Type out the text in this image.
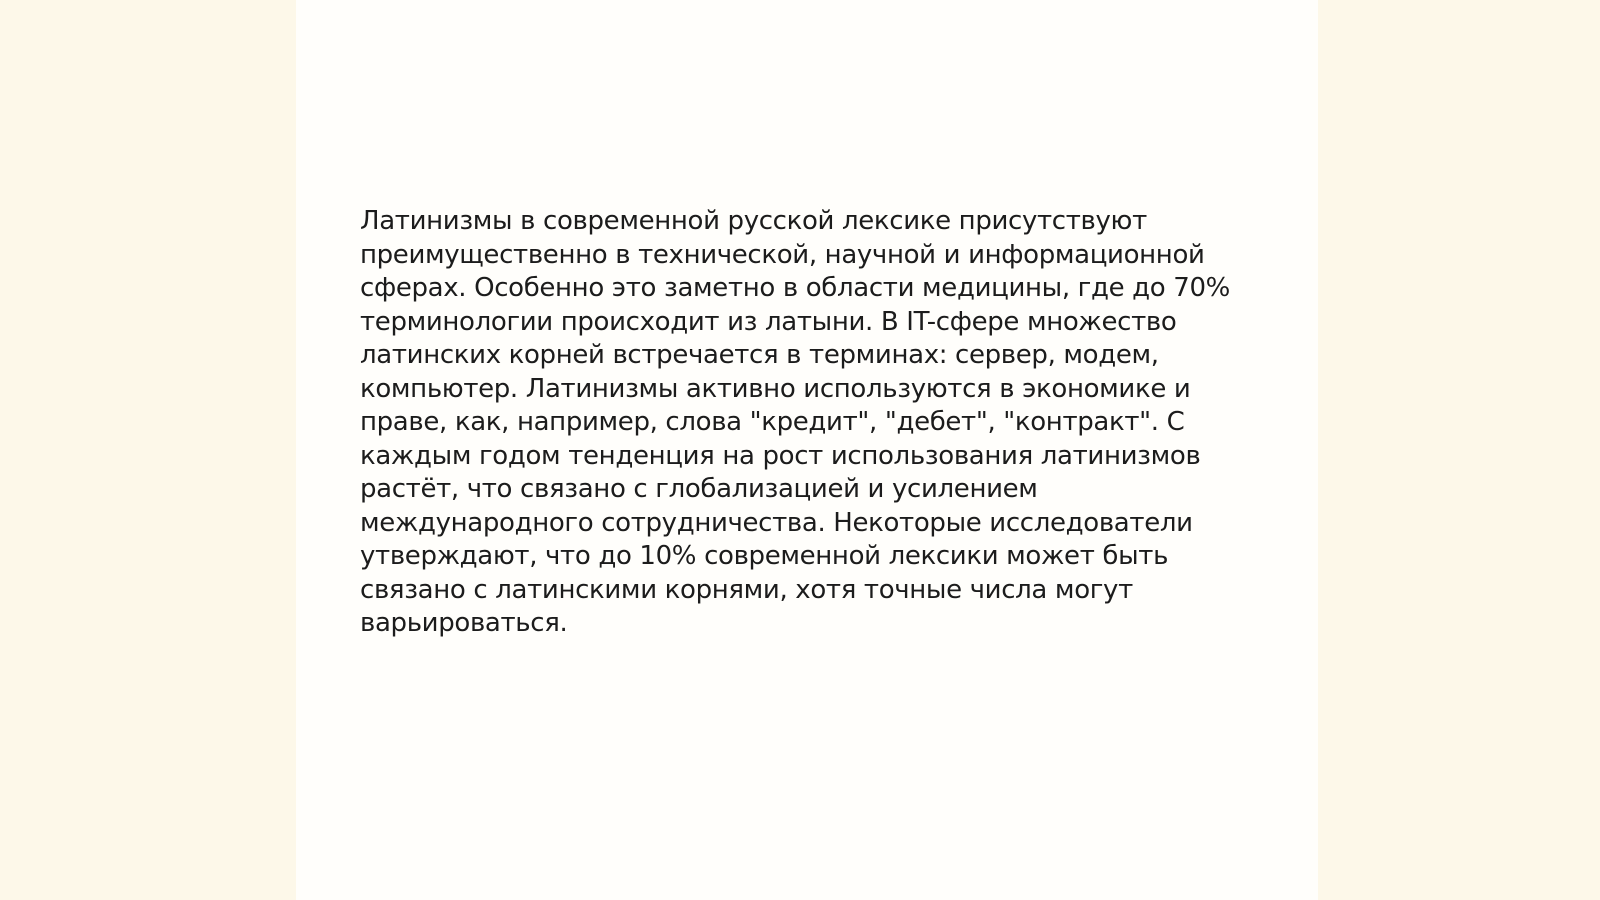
Латинизмы в современной русской лексике присутствуют
преимущественно в технической, научной и информационной
сферах. Особенно это заметно в области медицины, где до 70%
терминологии происходит из латыни. В IT-сфере множество
латинских корней встречается в терминах: сервер, модем,
компьютер. Латинизмы активно используются в экономике и
праве, как, например, слова "кредит", "дебет", "контракт". С
каждым годом тенденция на рост использования латинизмов
растёт, что связано с глобализацией и усилением
международного сотрудничества. Некоторые исследователи
утверждают, что до 10% современной лексики может быть
связано с латинскими корнями, хотя точные числа могут
варьироваться.
